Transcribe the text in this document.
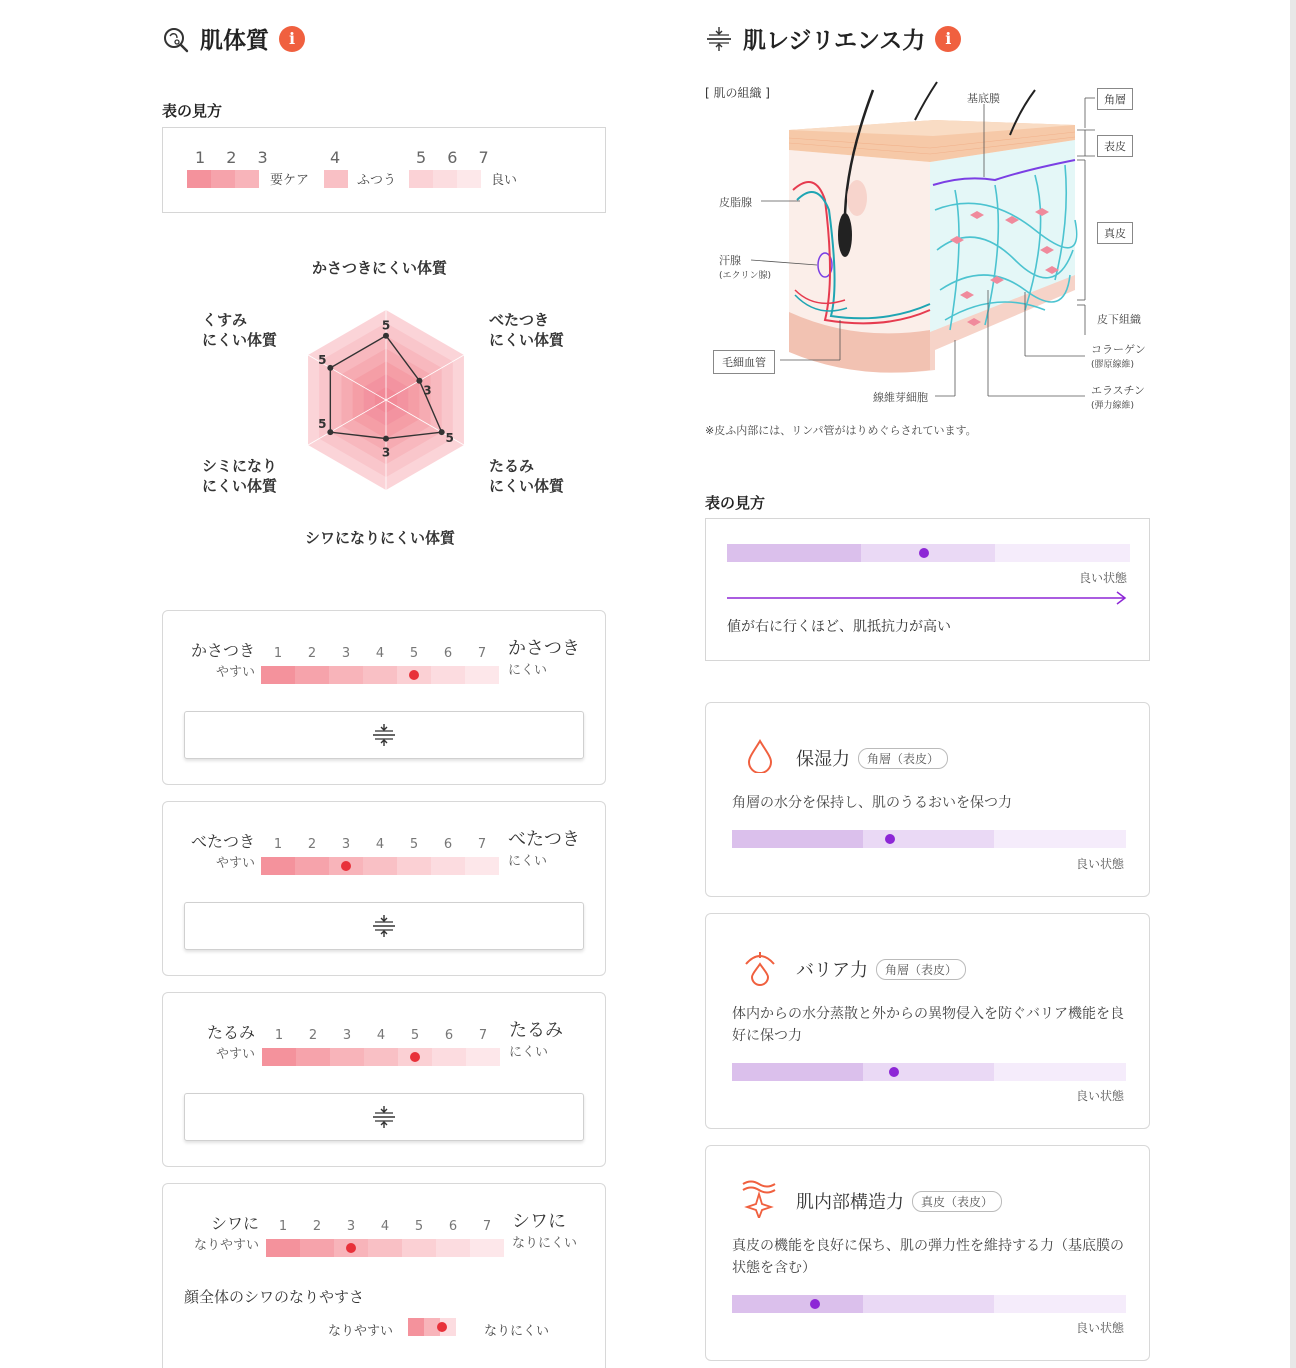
肌体質	i
表の見方
1 2 3	4	5 6 7
要ケア	ふつう	良い
かさつきにくい体質
べたつき
にくい体質
たるみ
にくい体質
シワになりにくい体質
シミになり
にくい体質
くすみ
にくい体質
5
3
5
3
5
5
かさつき
やすい
1	2	3	4	5	6	7	かさつき
にくい
べたつき
やすい
1	2	3	4	5	6	7	べたつき
にくい
たるみ
やすい
1	2	3	4	5	6	7	たるみ
にくい
シワに
なりやすい
1	2	3	4	5	6	7	シワに
なりにくい
顔全体のシワのなりやすさ
なりやすい	なりにくい
肌レジリエンス力	i
[ 肌の組織 ]	基底膜	角層
表皮
真皮
皮下組織
コラーゲン
(膠原線維)
エラスチン
(弾力線維)
皮脂腺
汗腺
(エクリン腺)
毛細血管
線維芽細胞
※皮ふ内部には、リンパ管がはりめぐらされています。
表の見方
良い状態
値が右に行くほど、肌抵抗力が高い
保湿力	角層（表皮）
角層の水分を保持し、肌のうるおいを保つ力
良い状態
バリア力	角層（表皮）
体内からの水分蒸散と外からの異物侵入を防ぐバリア機能を良好に保つ力
良い状態
肌内部構造力	真皮（表皮）
真皮の機能を良好に保ち、肌の弾力性を維持する力（基底膜の状態を含む）
良い状態
